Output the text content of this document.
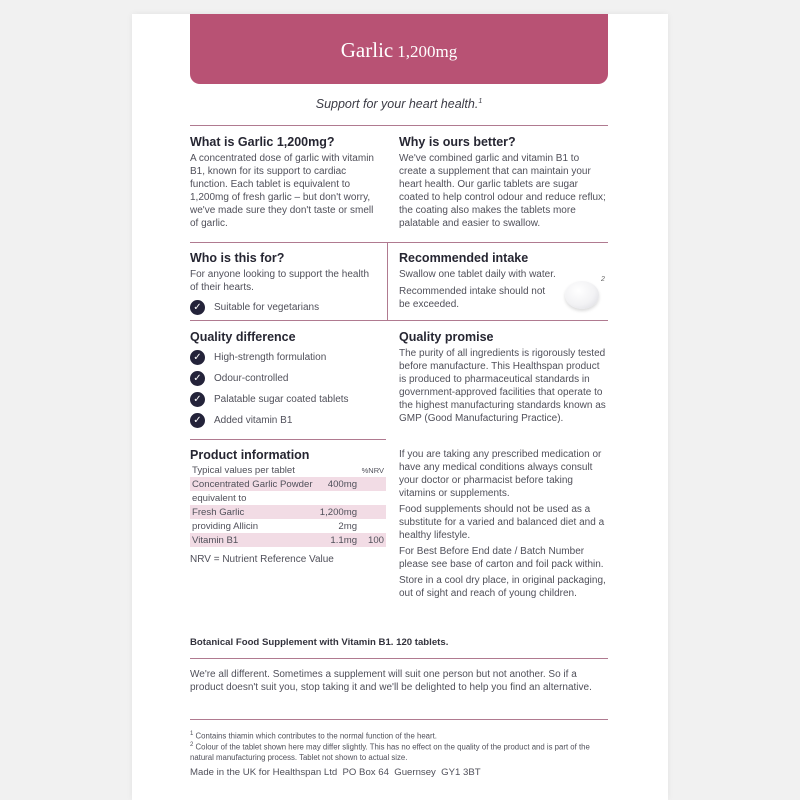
Garlic 1,200mg
Support for your heart health.$^1$
What is Garlic 1,200mg?

A concentrated dose of garlic with vitamin B1, known for its support to cardiac function. Each tablet is equivalent to 1,200mg of fresh garlic – but don't worry, we've made sure they don't taste or smell of garlic.

Why is ours better?

We've combined garlic and vitamin B1 to create a supplement that can maintain your heart health. Our garlic tablets are sugar coated to help control odour and reduce reflux; the coating also makes the tablets more palatable and easier to swallow.

Who is this for?

For anyone looking to support the health of their hearts.

✓	Suitable for vegetarians
Recommended intake

Swallow one tablet daily with water.

Recommended intake should not be exceeded.

2
Quality difference
✓	High-strength formulation
✓	Odour-controlled
✓	Palatable sugar coated tablets
✓	Added vitamin B1
Quality promise

The purity of all ingredients is rigorously tested before manufacture. This Healthspan product is produced to pharmaceutical standards in government-approved facilities that operate to the highest manufacturing standards known as GMP (Good Manufacturing Practice).

Product information
Typical values per tablet		%NRV
Concentrated Garlic Powder	400mg	
equivalent to		
Fresh Garlic	1,200mg	
providing Allicin	2mg	
Vitamin B1	1.1mg	100

NRV = Nutrient Reference Value

If you are taking any prescribed medication or have any medical conditions always consult your doctor or pharmacist before taking vitamins or supplements.

Food supplements should not be used as a substitute for a varied and balanced diet and a healthy lifestyle.

For Best Before End date / Batch Number please see base of carton and foil pack within.

Store in a cool dry place, in original packaging, out of sight and reach of young children.

Botanical Food Supplement with Vitamin B1. 120 tablets.

We're all different. Sometimes a supplement will suit one person but not another. So if a product doesn't suit you, stop taking it and we'll be delighted to help you find an alternative.

$^1$ Contains thiamin which contributes to the normal function of the heart.
$^2$ Colour of the tablet shown here may differ slightly. This has no effect on the quality of the product and is part of the natural manufacturing process. Tablet not shown to actual size.
Made in the UK for Healthspan Ltd  PO Box 64  Guernsey  GY1 3BT
